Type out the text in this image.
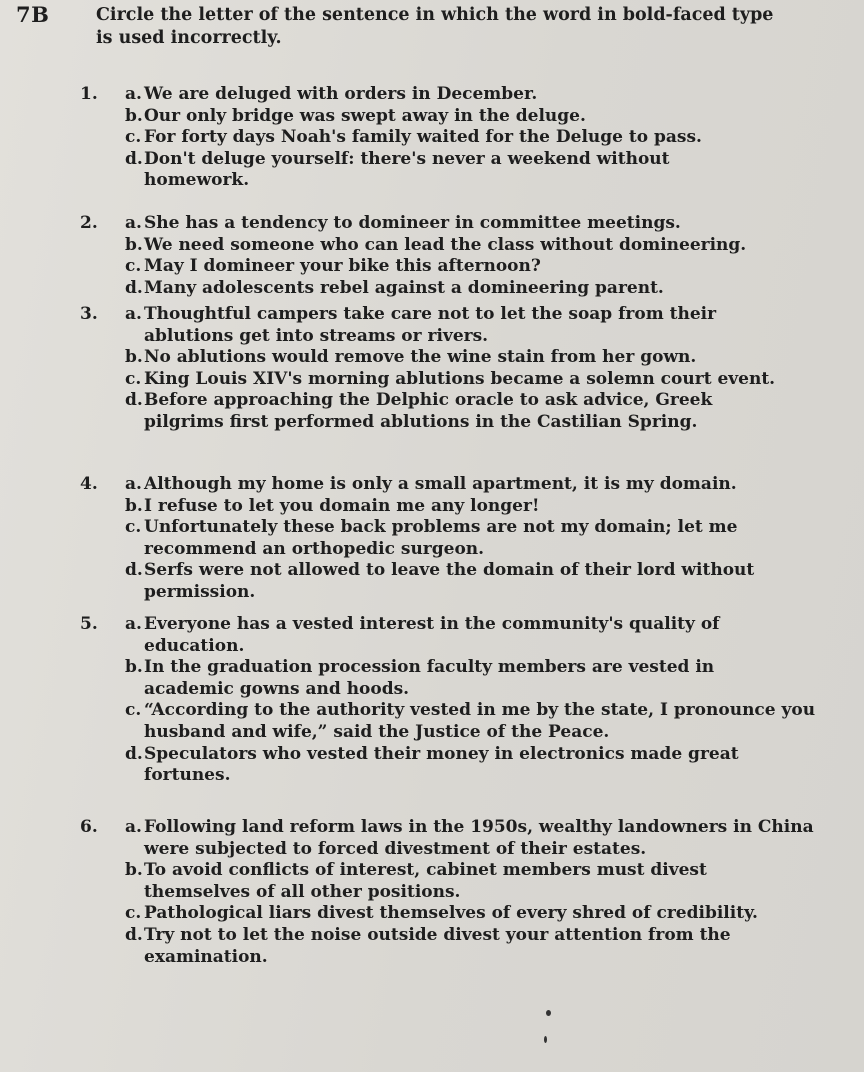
7B	Circle the letter of the sentence in which the word in bold-faced type is used incorrectly.
1.	a. We are deluged with orders in December.
b.Our only bridge was swept away in the deluge.
c. For forty days Noah's family waited for the Deluge to pass.
d.Don't deluge yourself: there's never a weekend without homework.
2.	a. She has a tendency to domineer in committee meetings.
b.We need someone who can lead the class without domineering.
c. May I domineer your bike this afternoon?
d.Many adolescents rebel against a domineering parent.
3.	a. Thoughtful campers take care not to let the soap from their ablutions get into streams or rivers.
b.No ablutions would remove the wine stain from her gown.
c. King Louis XIV's morning ablutions became a solemn court event.
d.Before approaching the Delphic oracle to ask advice, Greek pilgrims first performed ablutions in the Castilian Spring.
4.	a. Although my home is only a small apartment, it is my domain.
b.I refuse to let you domain me any longer!
c. Unfortunately these back problems are not my domain; let me recommend an orthopedic surgeon.
d.Serfs were not allowed to leave the domain of their lord without permission.
5.	a. Everyone has a vested interest in the community's quality of education.
b.In the graduation procession faculty members are vested in academic gowns and hoods.
c. “According to the authority vested in me by the state, I pronounce you husband and wife,” said the Justice of the Peace.
d.Speculators who vested their money in electronics made great fortunes.
6.	a. Following land reform laws in the 1950s, wealthy landowners in China were subjected to forced divestment of their estates.
b.To avoid conflicts of interest, cabinet members must divest themselves of all other positions.
c. Pathological liars divest themselves of every shred of credibility.
d.Try not to let the noise outside divest your attention from the examination.
